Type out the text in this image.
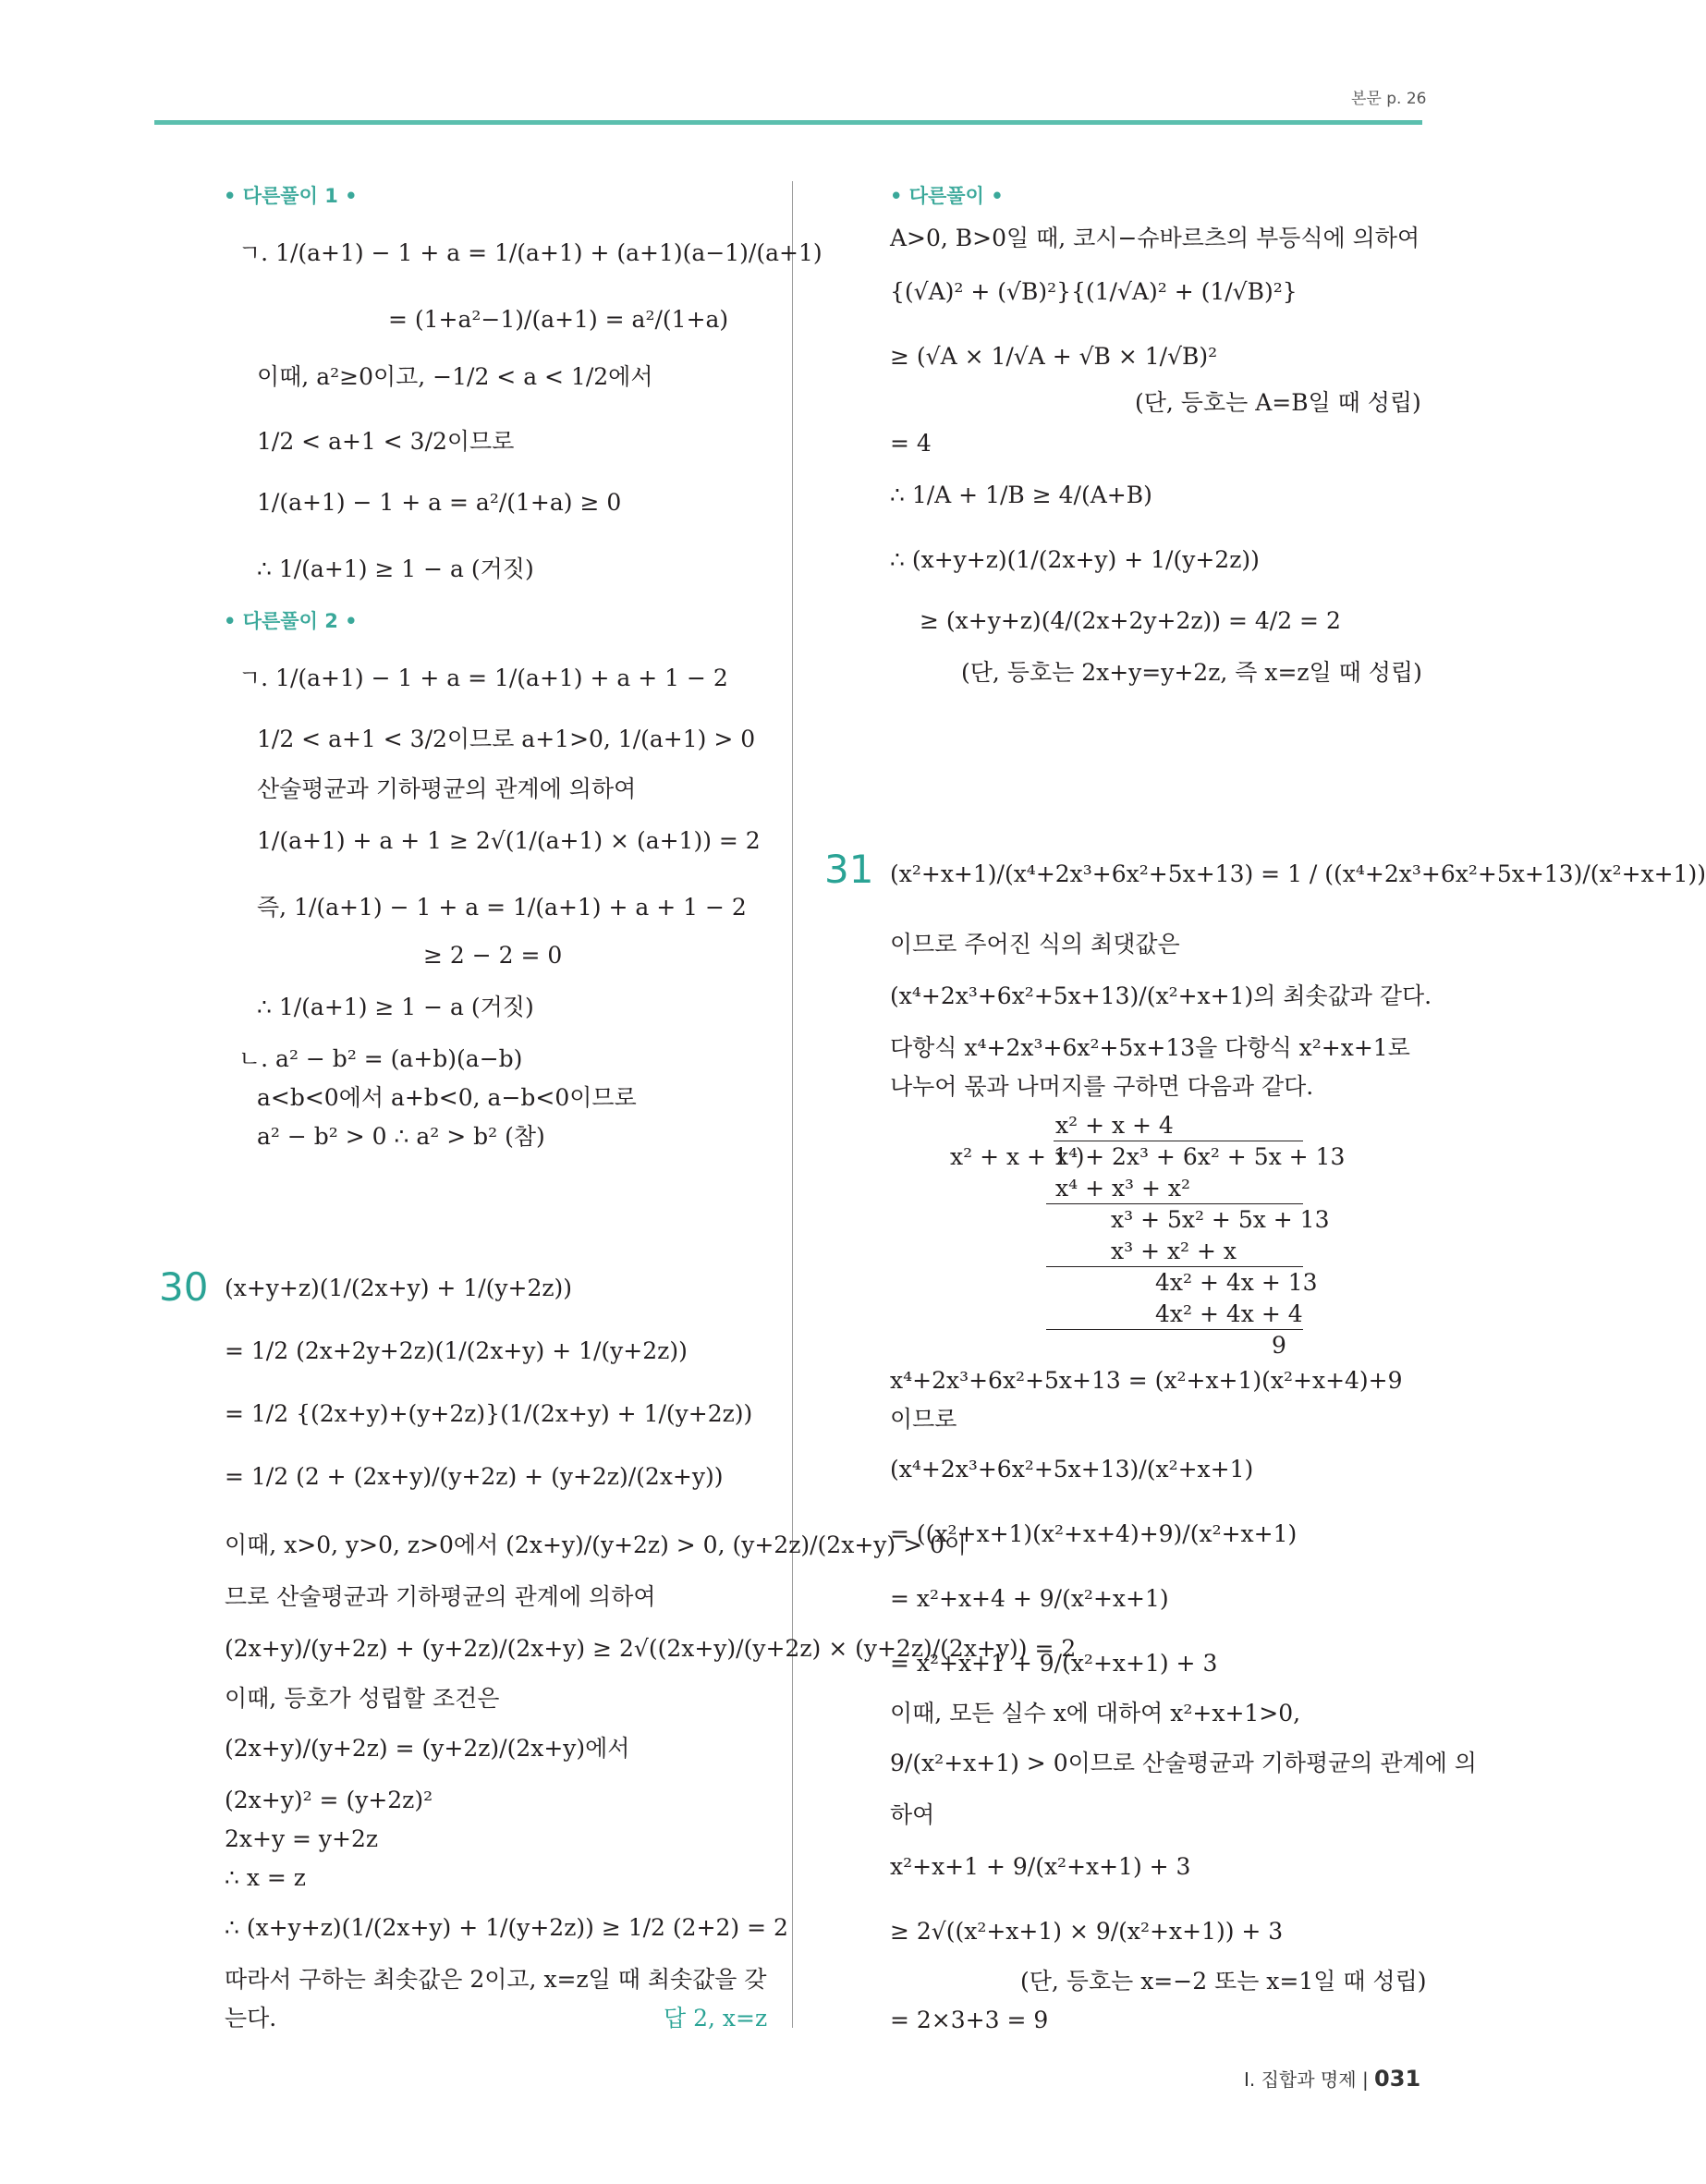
본문 p. 26
• 다른풀이 1 •
ㄱ. 1/(a+1) − 1 + a = 1/(a+1) + (a+1)(a−1)/(a+1)
= (1+a²−1)/(a+1) = a²/(1+a)
이때, a²≥0이고, −1/2 < a < 1/2에서
1/2 < a+1 < 3/2이므로
1/(a+1) − 1 + a = a²/(1+a) ≥ 0
∴ 1/(a+1) ≥ 1 − a (거짓)
• 다른풀이 2 •
ㄱ. 1/(a+1) − 1 + a = 1/(a+1) + a + 1 − 2
1/2 < a+1 < 3/2이므로 a+1>0, 1/(a+1) > 0
산술평균과 기하평균의 관계에 의하여
1/(a+1) + a + 1 ≥ 2√(1/(a+1) × (a+1)) = 2
즉, 1/(a+1) − 1 + a = 1/(a+1) + a + 1 − 2
≥ 2 − 2 = 0
∴ 1/(a+1) ≥ 1 − a (거짓)
ㄴ. a² − b² = (a+b)(a−b)
a<b<0에서 a+b<0, a−b<0이므로
a² − b² > 0 ∴ a² > b² (참)
30 (x+y+z)(1/(2x+y) + 1/(y+2z))
= 1/2 (2x+2y+2z)(1/(2x+y) + 1/(y+2z))
= 1/2 {(2x+y)+(y+2z)}(1/(2x+y) + 1/(y+2z))
= 1/2 (2 + (2x+y)/(y+2z) + (y+2z)/(2x+y))
이때, x>0, y>0, z>0에서 (2x+y)/(y+2z) > 0, (y+2z)/(2x+y) > 0이
므로 산술평균과 기하평균의 관계에 의하여
(2x+y)/(y+2z) + (y+2z)/(2x+y) ≥ 2√((2x+y)/(y+2z) × (y+2z)/(2x+y)) = 2
이때, 등호가 성립할 조건은
(2x+y)/(y+2z) = (y+2z)/(2x+y)에서
(2x+y)² = (y+2z)²
2x+y = y+2z
∴ x = z
∴ (x+y+z)(1/(2x+y) + 1/(y+2z)) ≥ 1/2 (2+2) = 2
따라서 구하는 최솟값은 2이고, x=z일 때 최솟값을 갖
는다.	답 2, x=z
• 다른풀이 •
A>0, B>0일 때, 코시−슈바르츠의 부등식에 의하여
{(√A)² + (√B)²}{(1/√A)² + (1/√B)²}
≥ (√A × 1/√A + √B × 1/√B)²
(단, 등호는 A=B일 때 성립)
= 4
∴ 1/A + 1/B ≥ 4/(A+B)
∴ (x+y+z)(1/(2x+y) + 1/(y+2z))
≥ (x+y+z)(4/(2x+2y+2z)) = 4/2 = 2
(단, 등호는 2x+y=y+2z, 즉 x=z일 때 성립)
31 (x²+x+1)/(x⁴+2x³+6x²+5x+13) = 1 / ((x⁴+2x³+6x²+5x+13)/(x²+x+1))
이므로 주어진 식의 최댓값은
(x⁴+2x³+6x²+5x+13)/(x²+x+1)의 최솟값과 같다.
다항식 x⁴+2x³+6x²+5x+13을 다항식 x²+x+1로
나누어 몫과 나머지를 구하면 다음과 같다.
x² + x + 4
x² + x + 1 )
x⁴ + 2x³ + 6x² + 5x + 13
x⁴ + x³ + x²
x³ + 5x² + 5x + 13
x³ + x² + x
4x² + 4x + 13
4x² + 4x + 4
9
x⁴+2x³+6x²+5x+13 = (x²+x+1)(x²+x+4)+9
이므로
(x⁴+2x³+6x²+5x+13)/(x²+x+1)
= ((x²+x+1)(x²+x+4)+9)/(x²+x+1)
= x²+x+4 + 9/(x²+x+1)
= x²+x+1 + 9/(x²+x+1) + 3
이때, 모든 실수 x에 대하여 x²+x+1>0,
9/(x²+x+1) > 0이므로 산술평균과 기하평균의 관계에 의
하여
x²+x+1 + 9/(x²+x+1) + 3
≥ 2√((x²+x+1) × 9/(x²+x+1)) + 3
(단, 등호는 x=−2 또는 x=1일 때 성립)
= 2×3+3 = 9
I. 집합과 명제 | 031
